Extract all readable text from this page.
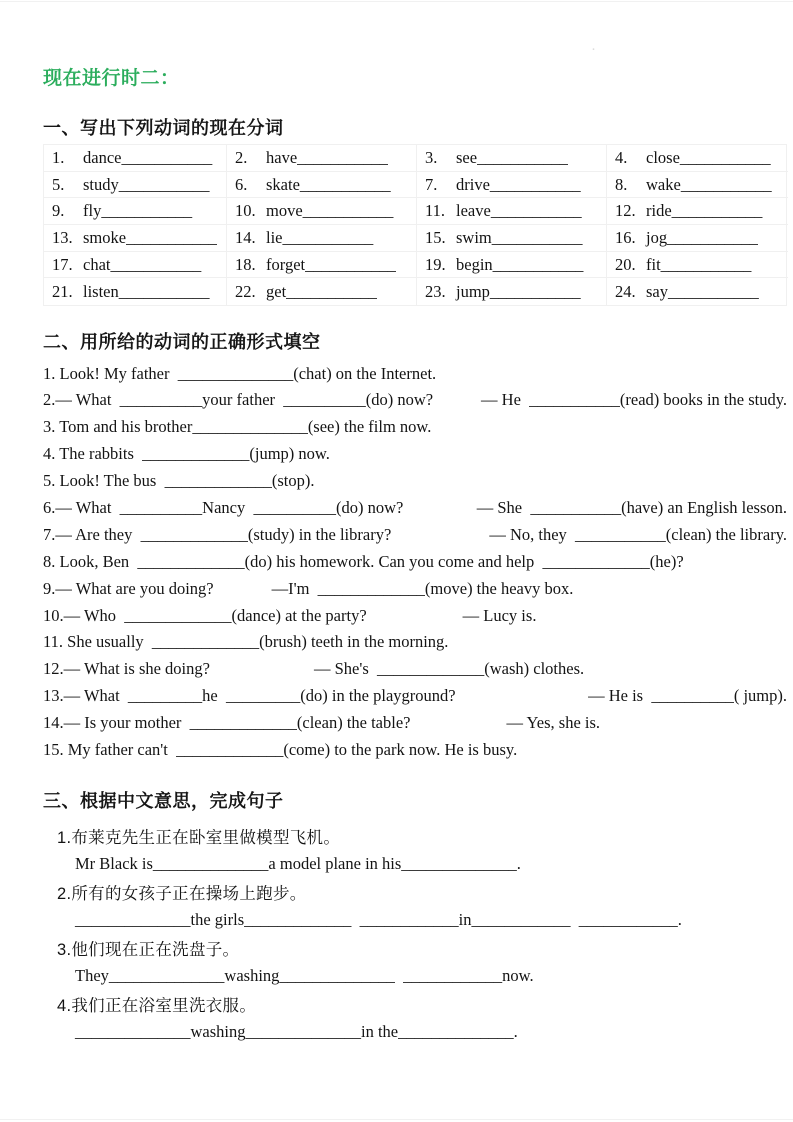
·
现在进行时二：
一、写出下列动词的现在分词
1.	dance ___________ 2.	have ___________ 3.	see ___________	4.	close ___________
5.	study ___________ 6.	skate ___________ 7.	drive ___________ 8.	wake ___________
9.	fly ___________	10. move ___________ 11. leave ___________ 12. ride ___________
13. smoke ___________ 14. lie ___________	15. swim ___________ 16. jog ___________
17. chat ___________ 18. forget ___________ 19. begin ___________ 20. fit ___________
21. listen ___________ 22. get ___________	23. jump ___________ 24. say ___________
二、用所给的动词的正确形式填空
1. Look! My father  ______________(chat) on the Internet.
2.— What  __________your father  __________(do) now?	— He  ___________(read) books in the study.
3. Tom and his brother______________(see) the film now.
4. The rabbits  _____________(jump) now.
5. Look! The bus  _____________(stop).
6.— What  __________Nancy  __________(do) now?	— She  ___________(have) an English lesson.
7.— Are they  _____________(study) in the library?	— No, they  ___________(clean) the library.
8. Look, Ben  _____________(do) his homework. Can you come and help  _____________(he)?
9.— What are you doing?	—I'm  _____________(move) the heavy box.
10.— Who  _____________(dance) at the party?	— Lucy is.
11. She usually  _____________(brush) teeth in the morning.
12.— What is she doing?	— She's  _____________(wash) clothes.
13.— What  _________he  _________(do) in the playground?	— He is  __________( jump).
14.— Is your mother  _____________(clean) the table?	— Yes, she is.
15. My father can't  _____________(come) to the park now. He is busy.
三、根据中文意思，完成句子
1.布莱克先生正在卧室里做模型飞机。
Mr Black is______________a model plane in his______________.
2.所有的女孩子正在操场上跑步。
______________the girls_____________  ____________in____________  ____________.
3.他们现在正在洗盘子。
They______________washing______________  ____________now.
4.我们正在浴室里洗衣服。
______________washing______________in the______________.
